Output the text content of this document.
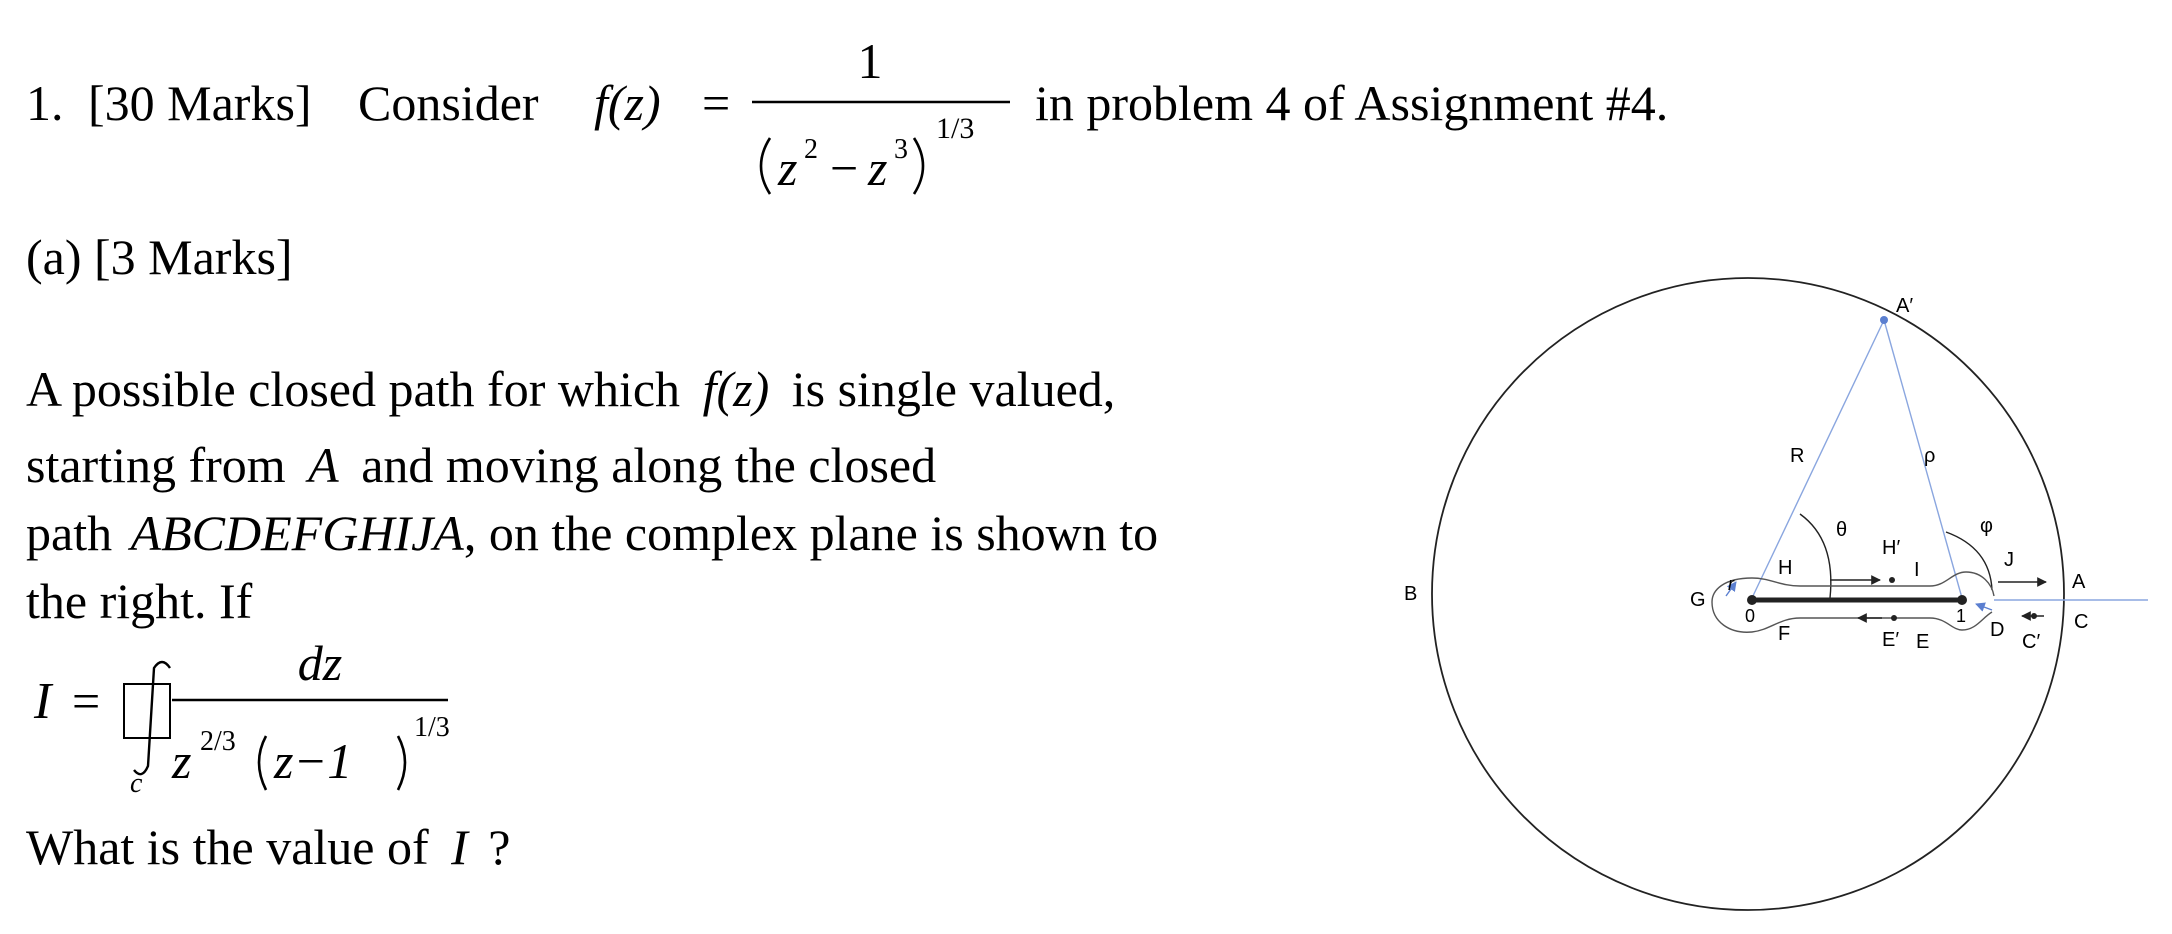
1. [30 Marks] Consider f(z) =
1
z 2 − z 3
1/3 in problem 4 of Assignment #4.
(a) [3 Marks]
A possible closed path for which f(z) is single valued,
starting from A and moving along the closed
path ABCDEFGHIJA, on the complex plane is shown to
the right. If
I =
c
dz
z 2/3 z−1
1/3
What is the value of I ?
A′
R	ρ
θ	φ
H
H′
I	J
A
B
C
G
r
0	1
D
C′
F	E′ E
